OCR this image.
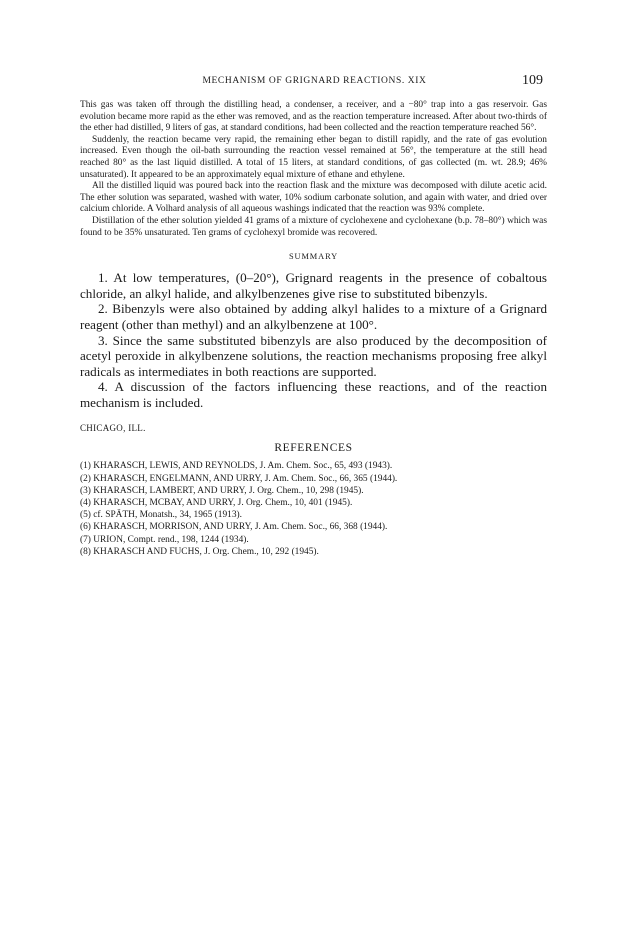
MECHANISM OF GRIGNARD REACTIONS. XIX	109

This gas was taken off through the distilling head, a condenser, a receiver, and a −80° trap into a gas reservoir. Gas evolution became more rapid as the ether was removed, and as the reaction temperature increased. After about two-thirds of the ether had distilled, 9 liters of gas, at standard conditions, had been collected and the reaction temperature reached 56°.

Suddenly, the reaction became very rapid, the remaining ether began to distill rapidly, and the rate of gas evolution increased. Even though the oil-bath surrounding the reaction vessel remained at 56°, the temperature at the still head reached 80° as the last liquid distilled. A total of 15 liters, at standard conditions, of gas collected (m. wt. 28.9; 46% unsaturated). It appeared to be an approximately equal mixture of ethane and ethylene.

All the distilled liquid was poured back into the reaction flask and the mixture was decomposed with dilute acetic acid. The ether solution was separated, washed with water, 10% sodium carbonate solution, and again with water, and dried over calcium chloride. A Volhard analysis of all aqueous washings indicated that the reaction was 93% complete.

Distillation of the ether solution yielded 41 grams of a mixture of cyclohexene and cyclohexane (b.p. 78–80°) which was found to be 35% unsaturated. Ten grams of cyclohexyl bromide was recovered.

SUMMARY

1. At low temperatures, (0–20°), Grignard reagents in the presence of cobaltous chloride, an alkyl halide, and alkylbenzenes give rise to substituted bibenzyls.

2. Bibenzyls were also obtained by adding alkyl halides to a mixture of a Grignard reagent (other than methyl) and an alkylbenzene at 100°.

3. Since the same substituted bibenzyls are also produced by the decomposition of acetyl peroxide in alkylbenzene solutions, the reaction mechanisms proposing free alkyl radicals as intermediates in both reactions are supported.

4. A discussion of the factors influencing these reactions, and of the reaction mechanism is included.

CHICAGO, ILL.

REFERENCES
(1) KHARASCH, LEWIS, AND REYNOLDS, J. Am. Chem. Soc., 65, 493 (1943).
(2) KHARASCH, ENGELMANN, AND URRY, J. Am. Chem. Soc., 66, 365 (1944).
(3) KHARASCH, LAMBERT, AND URRY, J. Org. Chem., 10, 298 (1945).
(4) KHARASCH, MCBAY, AND URRY, J. Org. Chem., 10, 401 (1945).
(5) cf. SPÄTH, Monatsh., 34, 1965 (1913).
(6) KHARASCH, MORRISON, AND URRY, J. Am. Chem. Soc., 66, 368 (1944).
(7) URION, Compt. rend., 198, 1244 (1934).
(8) KHARASCH AND FUCHS, J. Org. Chem., 10, 292 (1945).
